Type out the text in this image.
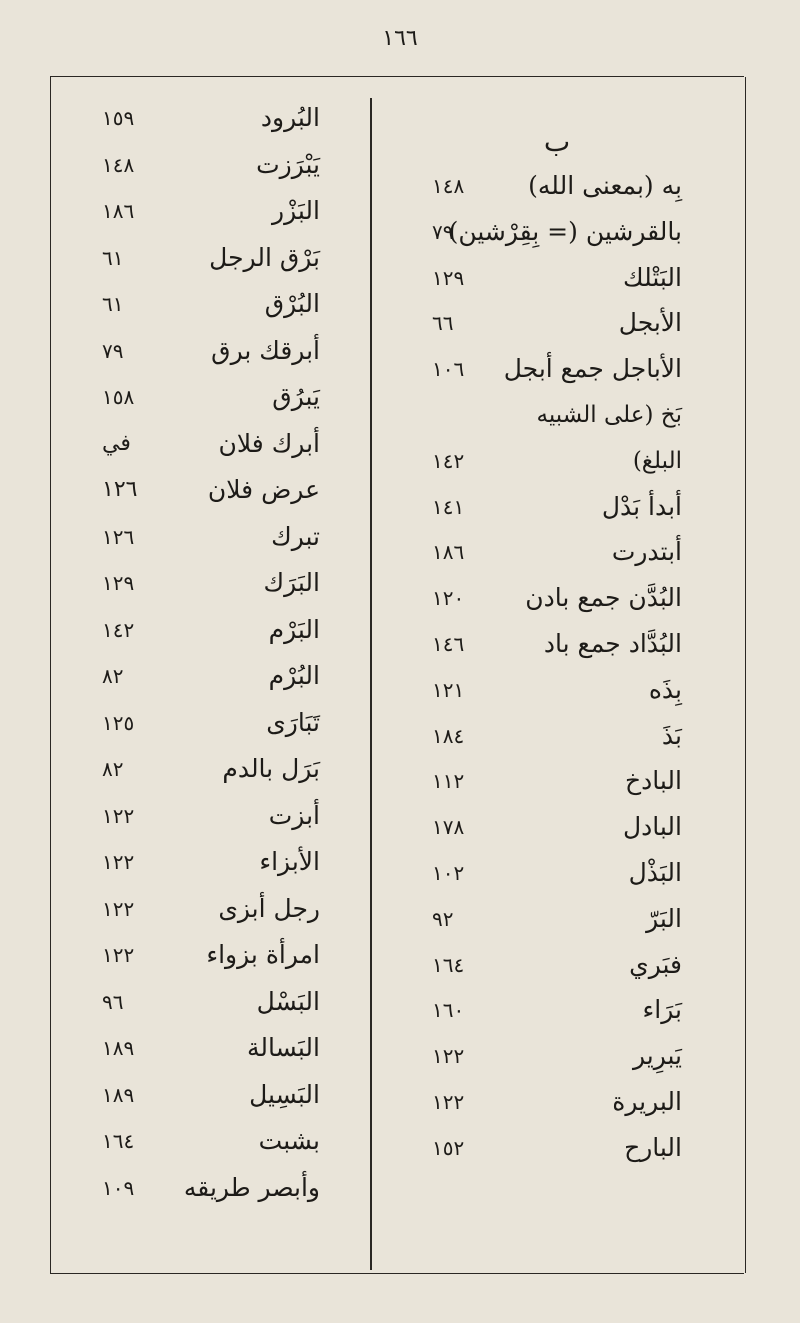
١٦٦
ب
بِه (بمعنى الله)
١٤٨
بالقرشين (= بِقِرْشين)
٧٩
البَتْلك
١٢٩
الأبجل
٦٦
الأباجل جمع أبجل
١٠٦
بَخ (على الشبيه
البلغ)
١٤٢
أبدأ بَدْل
١٤١
أبتدرت
١٨٦
البُدَّن جمع بادن
١٢٠
البُدَّاد جمع باد
١٤٦
بِذَه
١٢١
بَذَ
١٨٤
البادخ
١١٢
البادل
١٧٨
البَذْل
١٠٢
البَرّ
٩٢
فبَري
١٦٤
بَرَاء
١٦٠
يَبرِير
١٢٢
البريرة
١٢٢
البارح
١٥٢
البُرود
١٥٩
يَبْرَزت
١٤٨
البَزْر
١٨٦
بَرْق الرجل
٦١
البُرْق
٦١
أبرقك برق
٧٩
يَبرُق
١٥٨
أبرك فلان
في
عرض فلان
١٢٦
تبرك
١٢٦
البَرَك
١٢٩
البَرْم
١٤٢
البُرْم
٨٢
تَبَارَى
١٢٥
بَرَل بالدم
٨٢
أبزت
١٢٢
الأبزاء
١٢٢
رجل أبزى
١٢٢
امرأة بزواء
١٢٢
البَسْل
٩٦
البَسالة
١٨٩
البَسِيل
١٨٩
بشبت
١٦٤
وأبصر طريقه
١٠٩
